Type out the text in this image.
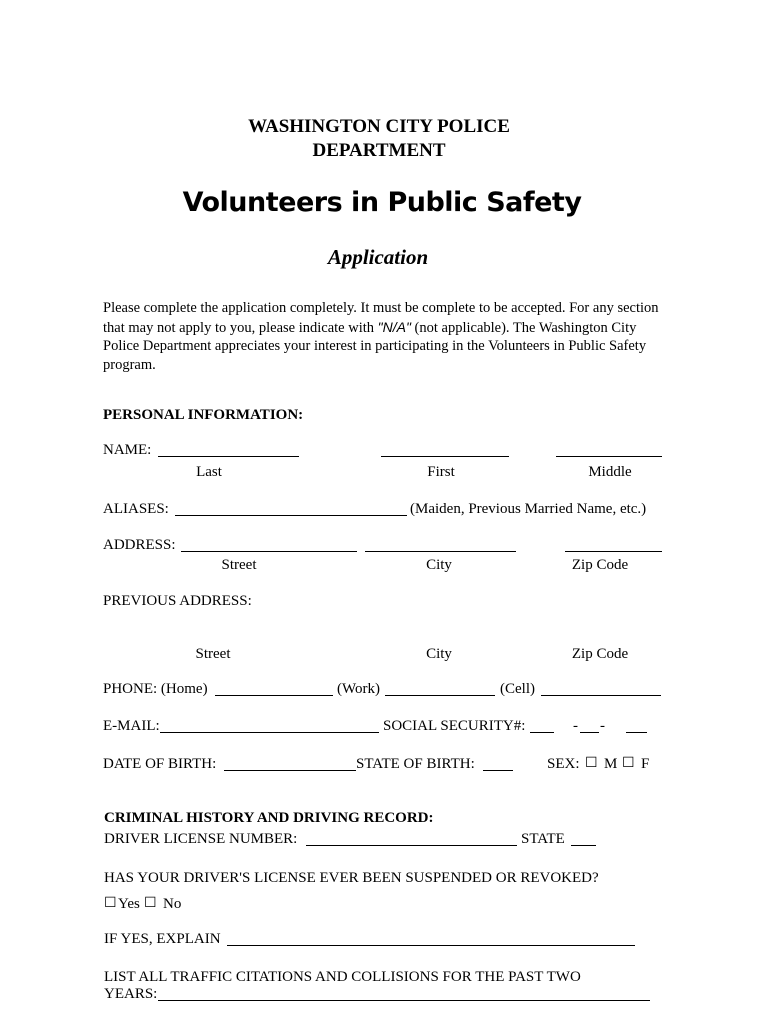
WASHINGTON CITY POLICE
DEPARTMENT
Volunteers in Public Safety
Application
Please complete the application completely. It must be complete to be accepted. For any section that may not apply to you, please indicate with "N/A" (not applicable). The Washington City Police Department appreciates your interest in participating in the Volunteers in Public Safety program.
PERSONAL INFORMATION:
NAME:
Last	First	Middle
ALIASES:	(Maiden, Previous Married Name, etc.)
ADDRESS:
Street	City	Zip Code
PREVIOUS ADDRESS:
Street	City	Zip Code
PHONE: (Home)	(Work)	(Cell)
E-MAIL:	SOCIAL SECURITY#:	- -
DATE OF BIRTH:	STATE OF BIRTH:	SEX: ☐ M ☐ F
CRIMINAL HISTORY AND DRIVING RECORD:
DRIVER LICENSE NUMBER:	STATE
HAS YOUR DRIVER'S LICENSE EVER BEEN SUSPENDED OR REVOKED?
☐ Yes ☐ No
IF YES, EXPLAIN
LIST ALL TRAFFIC CITATIONS AND COLLISIONS FOR THE PAST TWO
YEARS:
